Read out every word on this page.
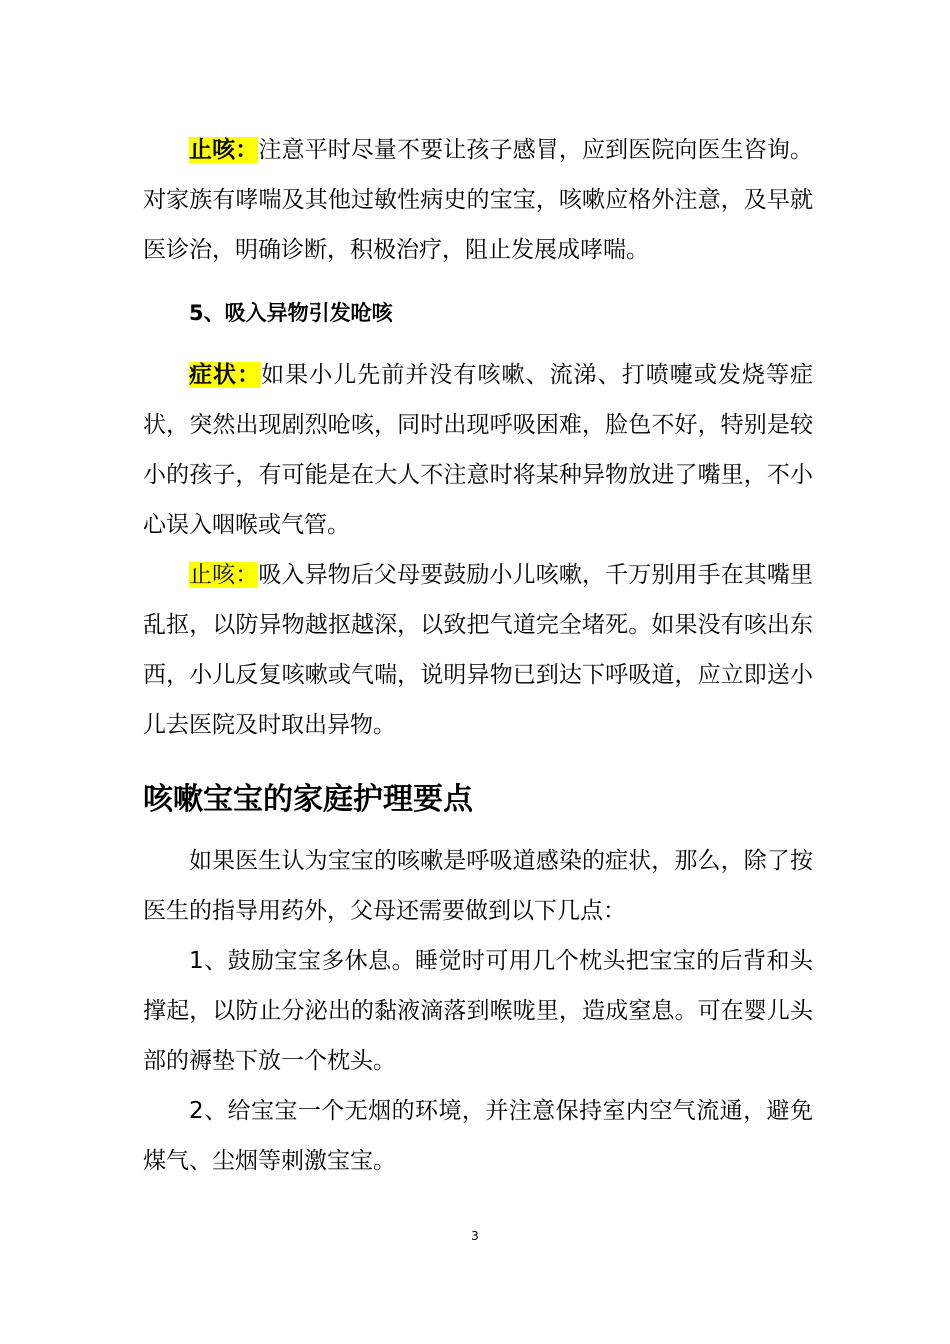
止咳：注意平时尽量不要让孩子感冒，应到医院向医生咨询。对家族有哮喘及其他过敏性病史的宝宝，咳嗽应格外注意，及早就医诊治，明确诊断，积极治疗，阻止发展成哮喘。

5、吸入异物引发呛咳

症状：如果小儿先前并没有咳嗽、流涕、打喷嚏或发烧等症状，突然出现剧烈呛咳，同时出现呼吸困难，脸色不好，特别是较小的孩子，有可能是在大人不注意时将某种异物放进了嘴里，不小心误入咽喉或气管。

止咳：吸入异物后父母要鼓励小儿咳嗽，千万别用手在其嘴里乱抠，以防异物越抠越深，以致把气道完全堵死。如果没有咳出东西，小儿反复咳嗽或气喘，说明异物已到达下呼吸道，应立即送小儿去医院及时取出异物。

咳嗽宝宝的家庭护理要点

如果医生认为宝宝的咳嗽是呼吸道感染的症状，那么，除了按医生的指导用药外，父母还需要做到以下几点：

1、鼓励宝宝多休息。睡觉时可用几个枕头把宝宝的后背和头撑起，以防止分泌出的黏液滴落到喉咙里，造成窒息。可在婴儿头部的褥垫下放一个枕头。

2、给宝宝一个无烟的环境，并注意保持室内空气流通，避免煤气、尘烟等刺激宝宝。

3
